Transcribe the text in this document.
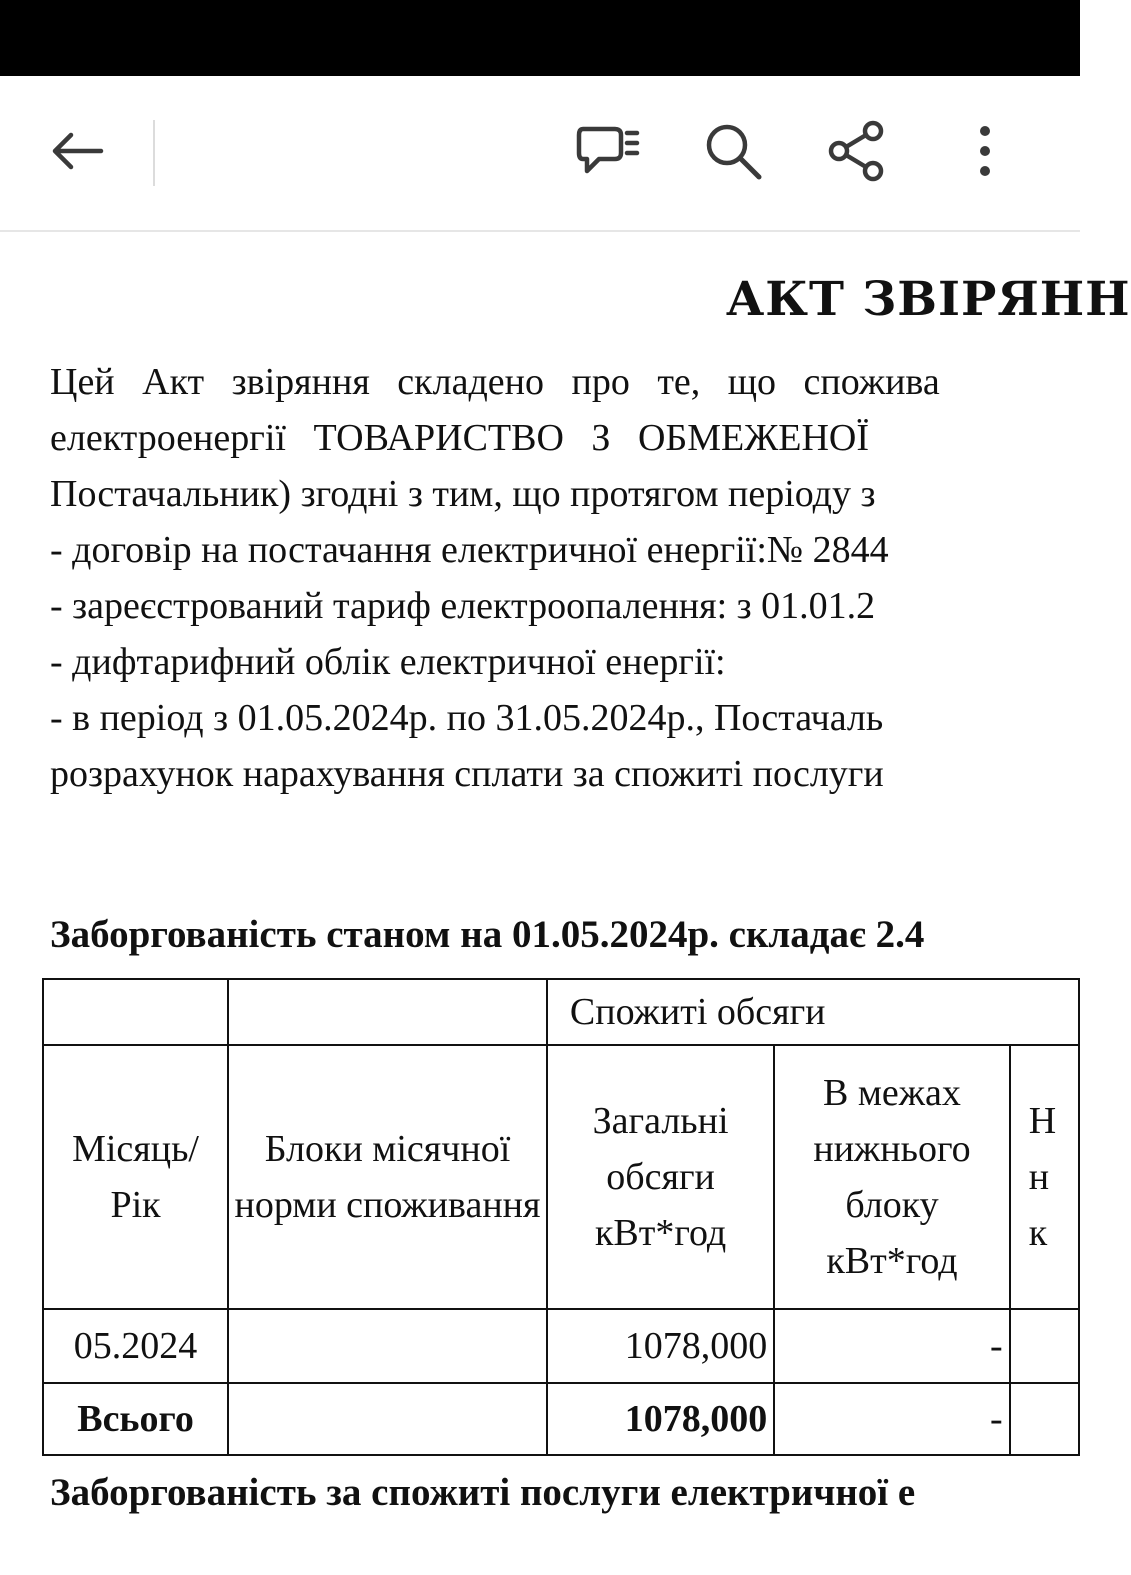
АКТ ЗВІРЯНН
Цей Акт звіряння складено про те, що спожива
електроенергії ТОВАРИСТВО З ОБМЕЖЕНОЇ
Постачальник) згодні з тим, що протягом періоду з
- договір на постачання електричної енергії:№ 2844
- зареєстрований тариф електроопалення: з 01.01.2
- дифтарифний облік електричної енергії:
- в період з 01.05.2024р. по 31.05.2024р., Постачаль
розрахунок нарахування сплати за спожиті послуги
Заборгованість станом на 01.05.2024р. складає 2.4
		Спожиті обсяги		
Місяць/ Рік	Блоки місячної норми споживання	Загальні обсяги кВт*год	В межах нижнього блоку кВт*год	Н н к
05.2024		1078,000	-	
Всього		1078,000	-	
Заборгованість за спожиті послуги електричної е
